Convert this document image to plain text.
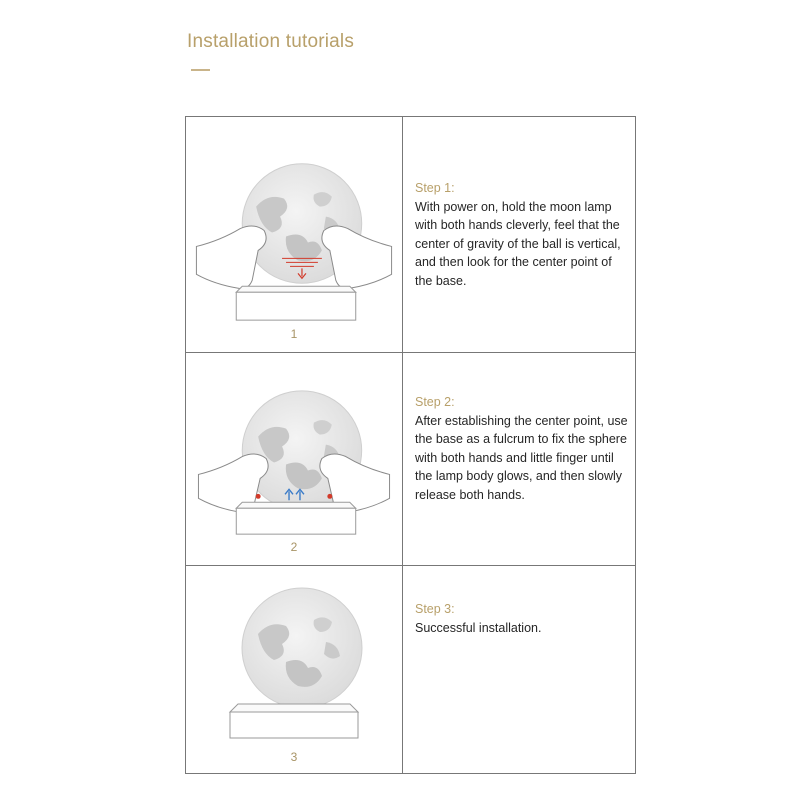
Installation tutorials
1
Step 1:
With power on, hold the moon lamp with both hands cleverly, feel that the center of gravity of the ball is vertical, and then look for the center point of the base.
2
Step 2:
After establishing the center point, use the base as a fulcrum to fix the sphere with both hands and little finger until the lamp body glows, and then slowly release both hands.
3
Step 3:
Successful installation.
